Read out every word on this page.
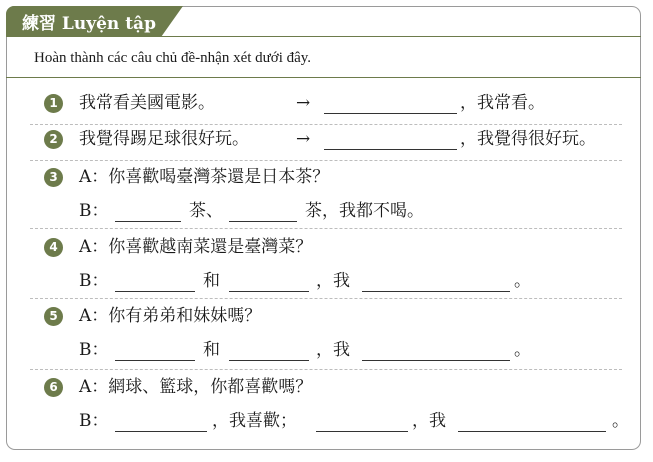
練習 Luyện tập
Hoàn thành các câu chủ đề-nhận xét dưới đây.
1	我常看美國電影。	→	，我常看。
2	我覺得踢足球很好玩。	→	，我覺得很好玩。
3	A：你喜歡喝臺灣茶還是日本茶？
B：	茶、	茶，我都不喝。
4	A：你喜歡越南菜還是臺灣菜？
B：	和	，我	。
5	A：你有弟弟和妹妹嗎？
B：	和	，我	。
6	A：網球、籃球，你都喜歡嗎？
B：	，我喜歡；	，我	。
